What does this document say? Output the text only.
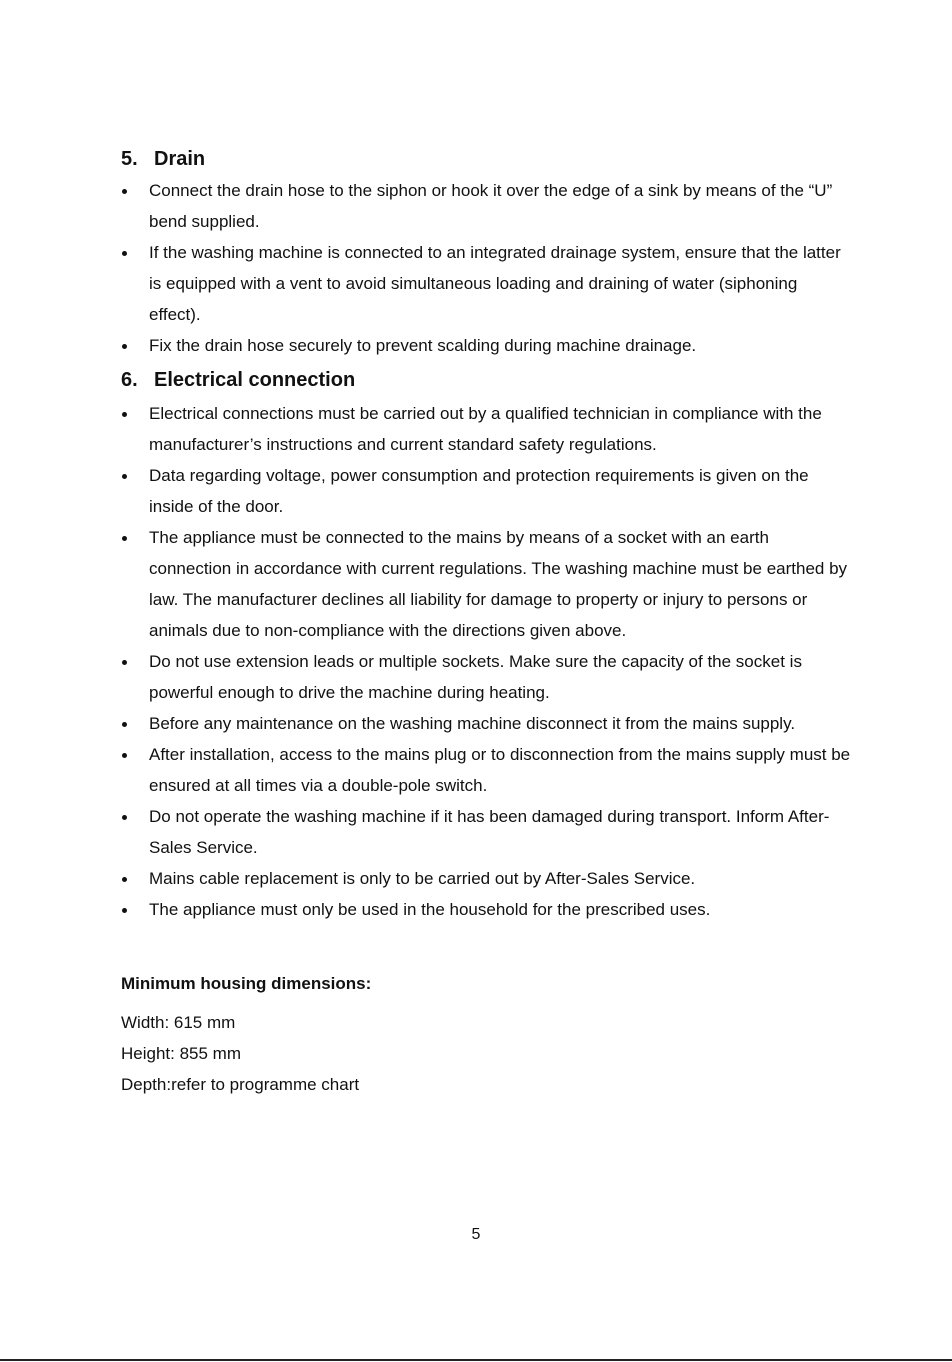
5. Drain
Connect the drain hose to the siphon or hook it over the edge of a sink by means of the “U” bend supplied.
If the washing machine is connected to an integrated drainage system, ensure that the latter is equipped with a vent to avoid simultaneous loading and draining of water (siphoning effect).
Fix the drain hose securely to prevent scalding during machine drainage.
6. Electrical connection
Electrical connections must be carried out by a qualified technician in compliance with the manufacturer’s instructions and current standard safety regulations.
Data regarding voltage, power consumption and protection requirements is given on the inside of the door.
The appliance must be connected to the mains by means of a socket with an earth connection in accordance with current regulations. The washing machine must be earthed by law. The manufacturer declines all liability for damage to property or injury to persons or animals due to non-compliance with the directions given above.
Do not use extension leads or multiple sockets. Make sure the capacity of the socket is powerful enough to drive the machine during heating.
Before any maintenance on the washing machine disconnect it from the mains supply.
After installation, access to the mains plug or to disconnection from the mains supply must be ensured at all times via a double-pole switch.
Do not operate the washing machine if it has been damaged during transport. Inform After-Sales Service.
Mains cable replacement is only to be carried out by After-Sales Service.
The appliance must only be used in the household for the prescribed uses.

Minimum housing dimensions:

Width: 615 mm

Height: 855 mm

Depth:refer to programme chart

5
